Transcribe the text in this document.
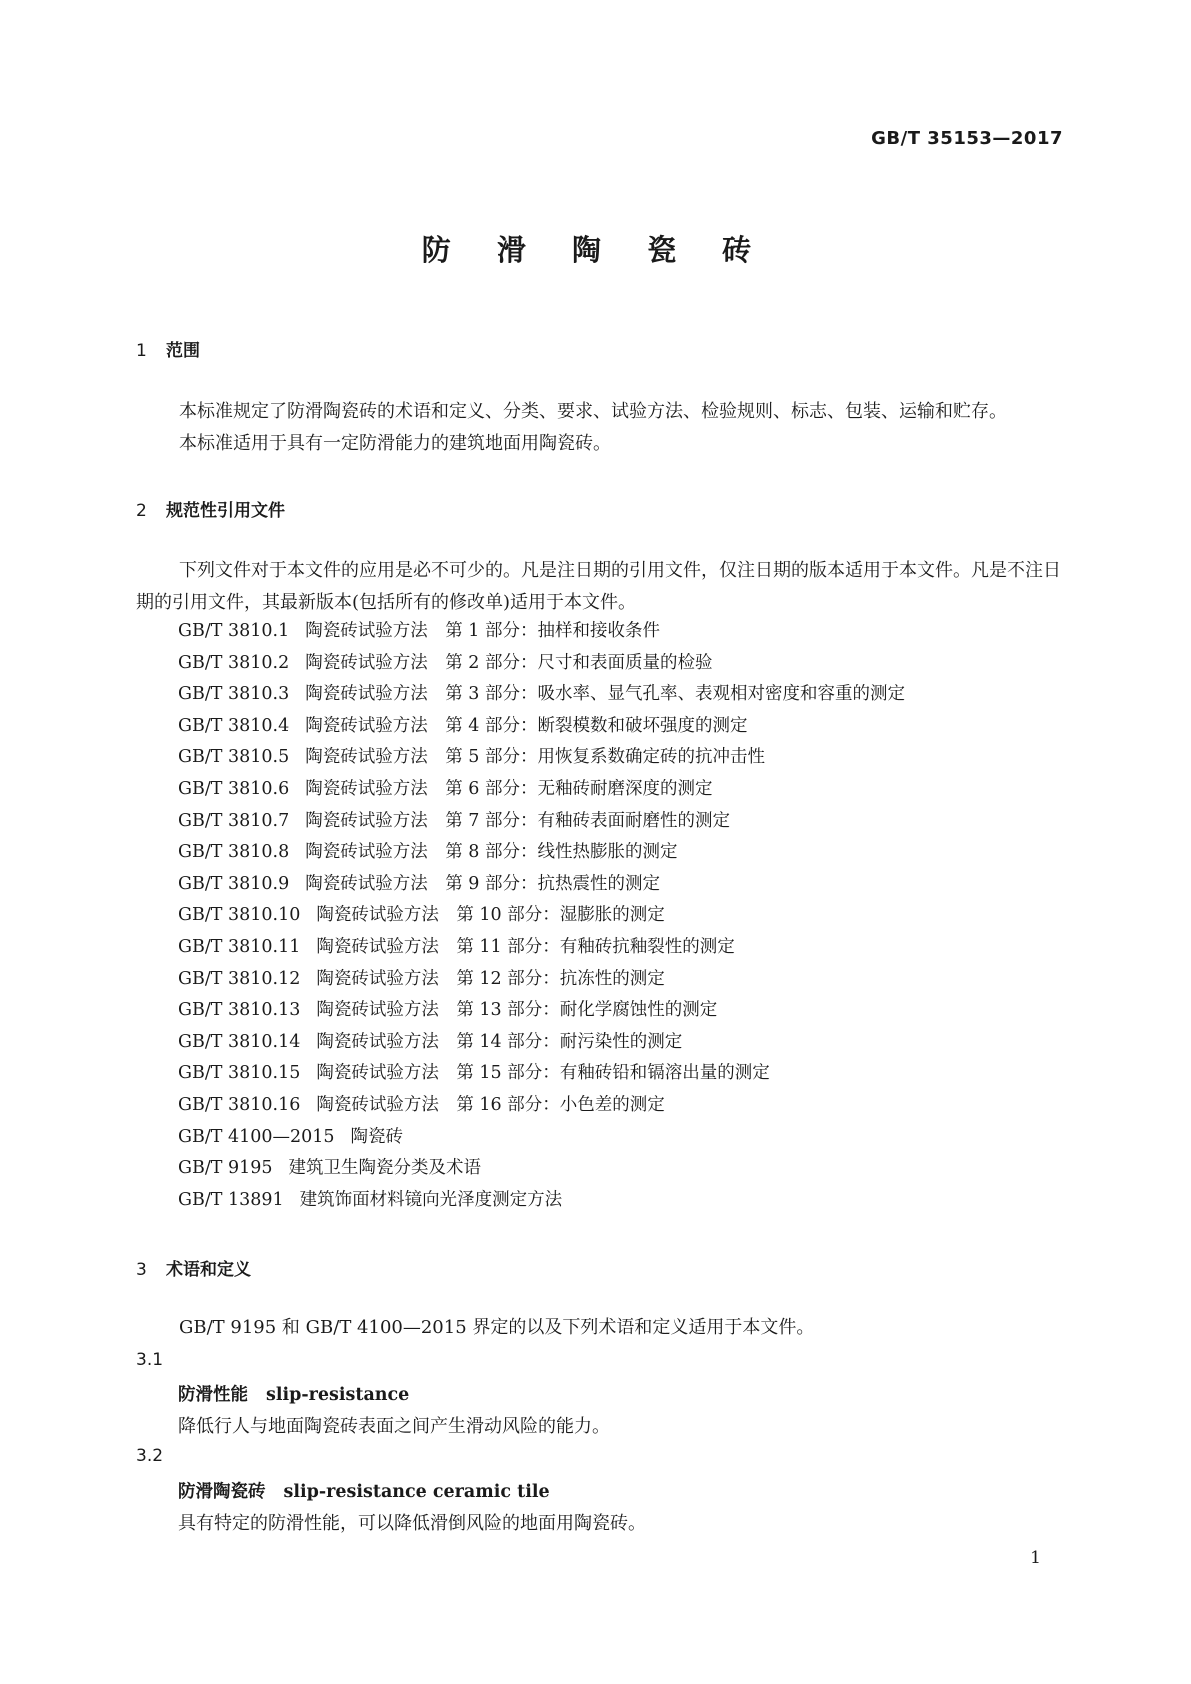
GB/T 35153—2017
防 滑 陶 瓷 砖
1 范围
本标准规定了防滑陶瓷砖的术语和定义、分类、要求、试验方法、检验规则、标志、包装、运输和贮存。
本标准适用于具有一定防滑能力的建筑地面用陶瓷砖。
2 规范性引用文件
下列文件对于本文件的应用是必不可少的。凡是注日期的引用文件，仅注日期的版本适用于本文件。凡是不注日期的引用文件，其最新版本(包括所有的修改单)适用于本文件。
GB/T 3810.1 陶瓷砖试验方法　第 1 部分：抽样和接收条件
GB/T 3810.2 陶瓷砖试验方法　第 2 部分：尺寸和表面质量的检验
GB/T 3810.3 陶瓷砖试验方法　第 3 部分：吸水率、显气孔率、表观相对密度和容重的测定
GB/T 3810.4 陶瓷砖试验方法　第 4 部分：断裂模数和破坏强度的测定
GB/T 3810.5 陶瓷砖试验方法　第 5 部分：用恢复系数确定砖的抗冲击性
GB/T 3810.6 陶瓷砖试验方法　第 6 部分：无釉砖耐磨深度的测定
GB/T 3810.7 陶瓷砖试验方法　第 7 部分：有釉砖表面耐磨性的测定
GB/T 3810.8 陶瓷砖试验方法　第 8 部分：线性热膨胀的测定
GB/T 3810.9 陶瓷砖试验方法　第 9 部分：抗热震性的测定
GB/T 3810.10 陶瓷砖试验方法　第 10 部分：湿膨胀的测定
GB/T 3810.11 陶瓷砖试验方法　第 11 部分：有釉砖抗釉裂性的测定
GB/T 3810.12 陶瓷砖试验方法　第 12 部分：抗冻性的测定
GB/T 3810.13 陶瓷砖试验方法　第 13 部分：耐化学腐蚀性的测定
GB/T 3810.14 陶瓷砖试验方法　第 14 部分：耐污染性的测定
GB/T 3810.15 陶瓷砖试验方法　第 15 部分：有釉砖铅和镉溶出量的测定
GB/T 3810.16 陶瓷砖试验方法　第 16 部分：小色差的测定
GB/T 4100—2015 陶瓷砖
GB/T 9195 建筑卫生陶瓷分类及术语
GB/T 13891 建筑饰面材料镜向光泽度测定方法
3 术语和定义
GB/T 9195 和 GB/T 4100—2015 界定的以及下列术语和定义适用于本文件。
3.1
防滑性能 slip-resistance
降低行人与地面陶瓷砖表面之间产生滑动风险的能力。
3.2
防滑陶瓷砖 slip-resistance ceramic tile
具有特定的防滑性能，可以降低滑倒风险的地面用陶瓷砖。
1
